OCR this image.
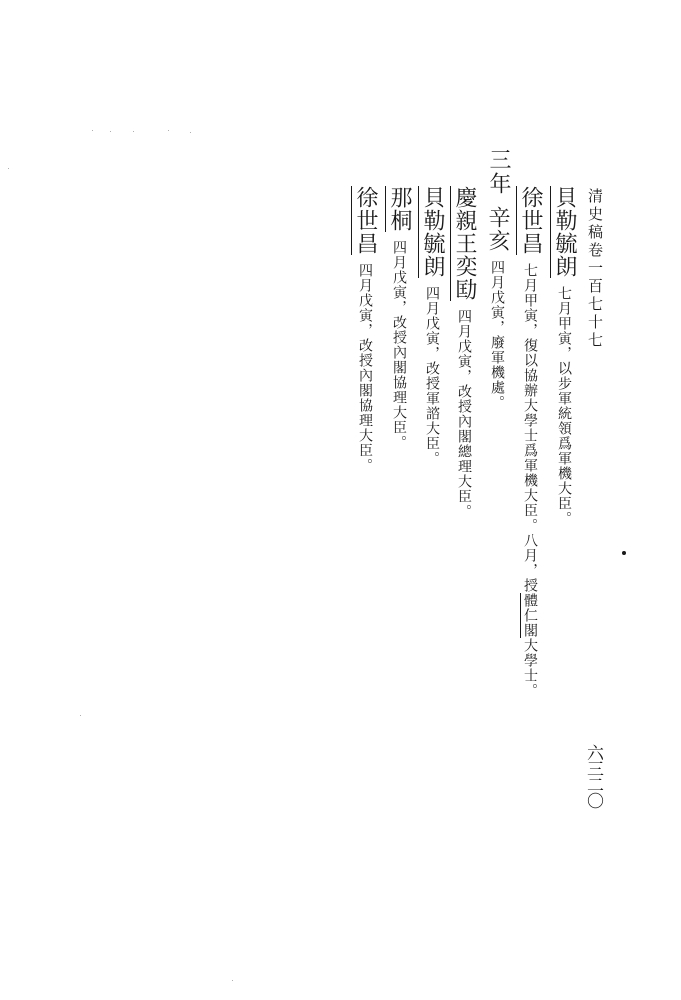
清史稿卷一百七十七
六三二〇
貝勒毓朗七月甲寅，以步軍統領爲軍機大臣。
徐世昌七月甲寅，復以協辦大學士爲軍機大臣。八月，授體仁閣大學士。
辛亥四月戊寅，廢軍機處。
三年
慶親王奕劻四月戊寅，改授內閣總理大臣。
貝勒毓朗四月戊寅，改授軍諮大臣。
那桐四月戊寅，改授內閣協理大臣。
徐世昌四月戊寅，改授內閣協理大臣。
